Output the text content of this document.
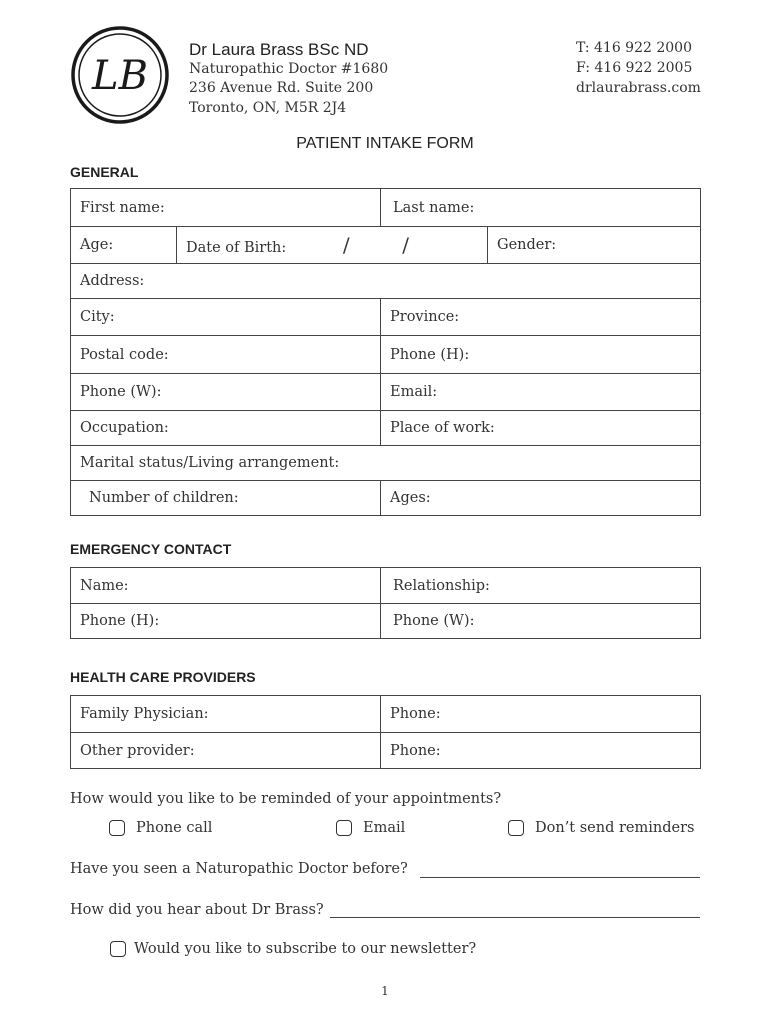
LB
Dr Laura Brass BSc ND
Naturopathic Doctor #1680
236 Avenue Rd. Suite 200
Toronto, ON, M5R 2J4
T: 416 922 2000
F: 416 922 2005
drlaurabrass.com
PATIENT INTAKE FORM
GENERAL
First name:		Last name:	
Age:	Date of Birth: / /		Gender:
Address:			
City:		Province:	
Postal code:		Phone (H):	
Phone (W):		Email:	
Occupation:		Place of work:	
Marital status/Living arrangement:			
Number of children:		Ages:	
EMERGENCY CONTACT
Name:	Relationship:
Phone (H):	Phone (W):
HEALTH CARE PROVIDERS
Family Physician:	Phone:
Other provider:	Phone:
How would you like to be reminded of your appointments?
Phone call	Email	Don’t send reminders
Have you seen a Naturopathic Doctor before?
How did you hear about Dr Brass?
Would you like to subscribe to our newsletter?
1
